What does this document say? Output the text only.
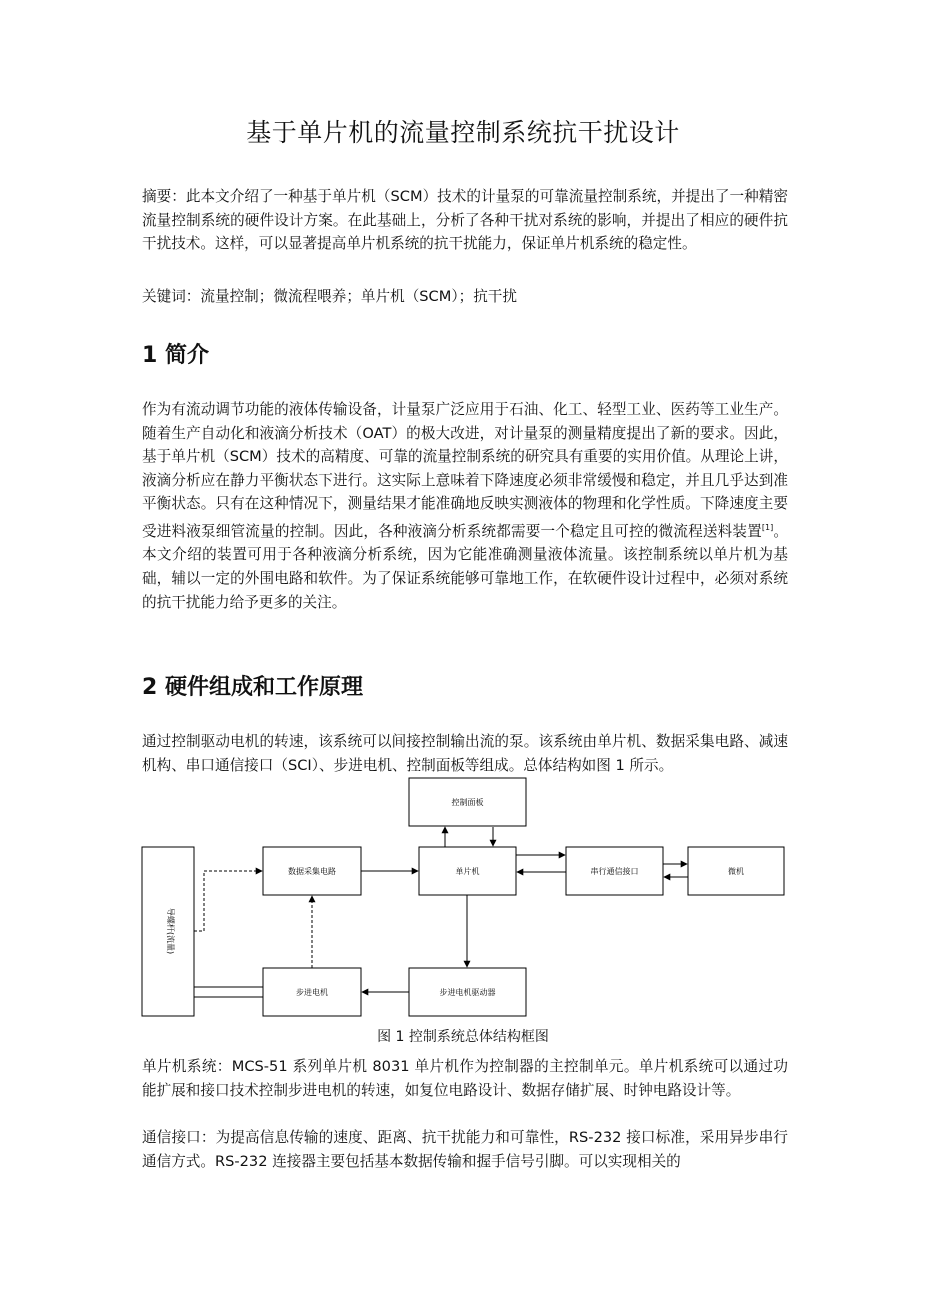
基于单片机的流量控制系统抗干扰设计

摘要：此本文介绍了一种基于单片机（SCM）技术的计量泵的可靠流量控制系统，并提出了一种精密流量控制系统的硬件设计方案。在此基础上，分析了各种干扰对系统的影响，并提出了相应的硬件抗干扰技术。这样，可以显著提高单片机系统的抗干扰能力，保证单片机系统的稳定性。

关键词：流量控制；微流程喂养；单片机（SCM）；抗干扰

1 简介

作为有流动调节功能的液体传输设备，计量泵广泛应用于石油、化工、轻型工业、医药等工业生产。随着生产自动化和液滴分析技术（OAT）的极大改进，对计量泵的测量精度提出了新的要求。因此，基于单片机（SCM）技术的高精度、可靠的流量控制系统的研究具有重要的实用价值。从理论上讲，液滴分析应在静力平衡状态下进行。这实际上意味着下降速度必须非常缓慢和稳定，并且几乎达到准平衡状态。只有在这种情况下，测量结果才能准确地反映实测液体的物理和化学性质。下降速度主要受进料液泵细管流量的控制。因此，各种液滴分析系统都需要一个稳定且可控的微流程送料装置[1]。本文介绍的装置可用于各种液滴分析系统，因为它能准确测量液体流量。该控制系统以单片机为基础，辅以一定的外围电路和软件。为了保证系统能够可靠地工作，在软硬件设计过程中，必须对系统的抗干扰能力给予更多的关注。

2 硬件组成和工作原理

通过控制驱动电机的转速，该系统可以间接控制输出流的泵。该系统由单片机、数据采集电路、减速机构、串口通信接口（SCI）、步进电机、控制面板等组成。总体结构如图 1 所示。

控制面板
数据采集电路	单片机	串行通信接口	微机
导螺杆(流量)
步进电机	步进电机驱动器
图 1 控制系统总体结构框图

单片机系统：MCS-51 系列单片机 8031 单片机作为控制器的主控制单元。单片机系统可以通过功能扩展和接口技术控制步进电机的转速，如复位电路设计、数据存储扩展、时钟电路设计等。

通信接口：为提高信息传输的速度、距离、抗干扰能力和可靠性，RS-232 接口标准，采用异步串行通信方式。RS-232 连接器主要包括基本数据传输和握手信号引脚。可以实现相关的
